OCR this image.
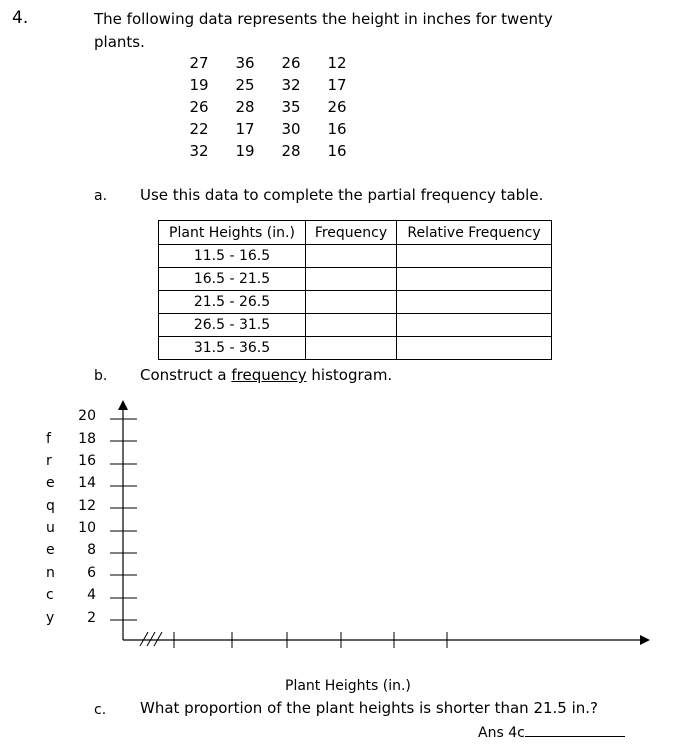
4.	The following data represents the height in inches for twenty
plants.
27	36	26	12
19	25	32	17
26	28	35	26
22	17	30	16
32	19	28	16
a. Use this data to complete the partial frequency table.
Plant Heights (in.)	Frequency	Relative Frequency
11.5 - 16.5		
16.5 - 21.5		
21.5 - 26.5		
26.5 - 31.5		
31.5 - 36.5		
b. Construct a frequency histogram.
20
18
16
14
12
10
8
6
4
2
f
r
e
q
u
e
n
c
y
Plant Heights (in.)
c. What proportion of the plant heights is shorter than 21.5 in.?
Ans 4c
